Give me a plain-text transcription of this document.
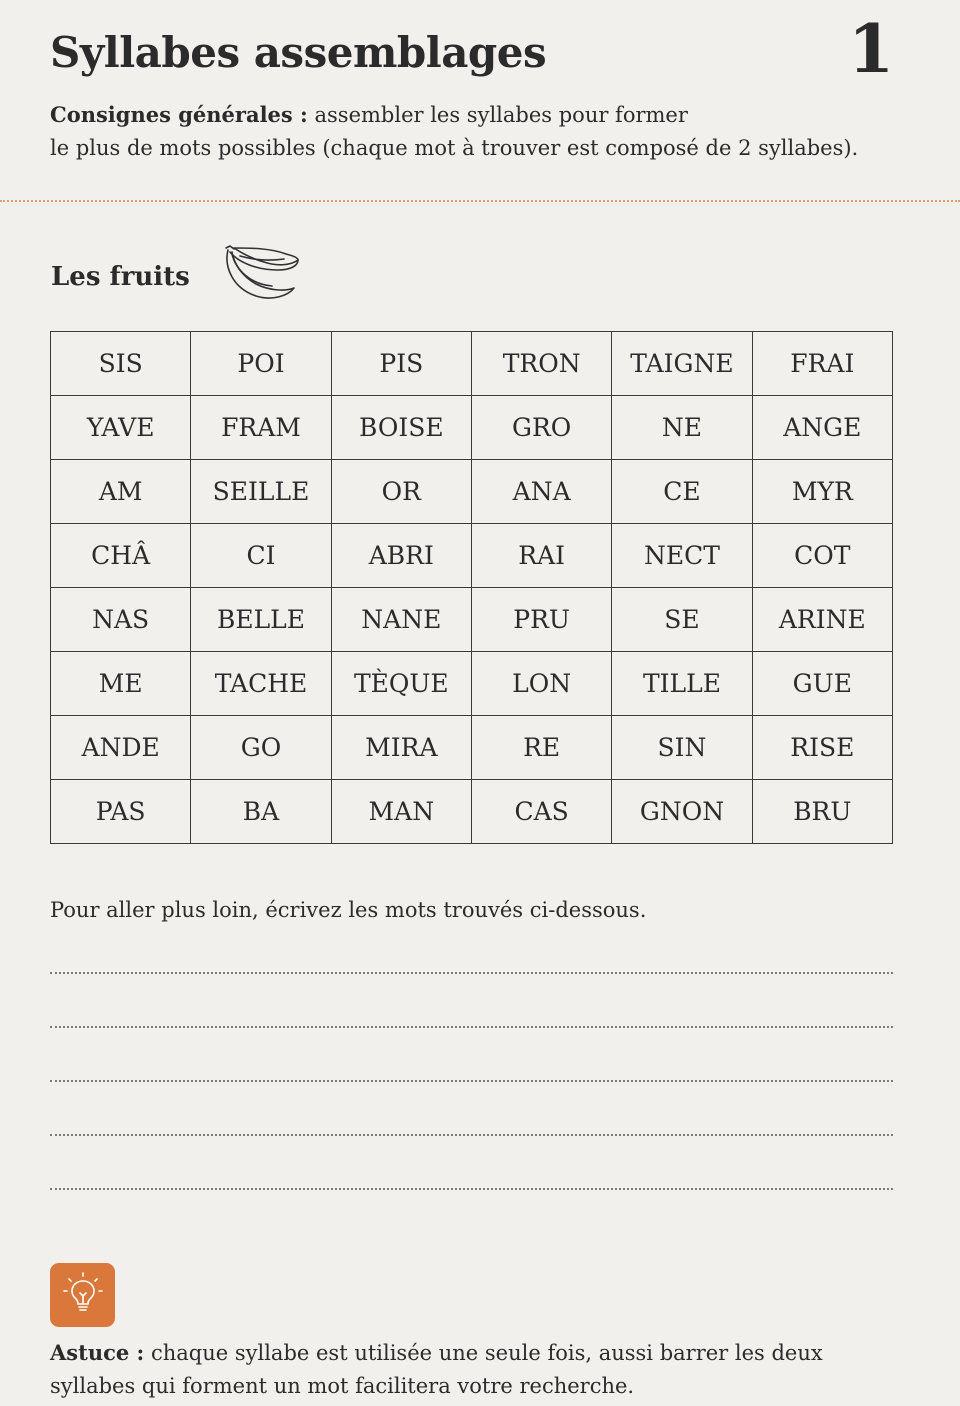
Syllabes assemblages	1

Consignes générales : assembler les syllabes pour former
le plus de mots possibles (chaque mot à trouver est composé de 2 syllabes).

Les fruits
SIS	POI	PIS	TRON	TAIGNE	FRAI
YAVE	FRAM	BOISE	GRO	NE	ANGE
AM	SEILLE	OR	ANA	CE	MYR
CHÂ	CI	ABRI	RAI	NECT	COT
NAS	BELLE	NANE	PRU	SE	ARINE
ME	TACHE	TÈQUE	LON	TILLE	GUE
ANDE	GO	MIRA	RE	SIN	RISE
PAS	BA	MAN	CAS	GNON	BRU

Pour aller plus loin, écrivez les mots trouvés ci-dessous.

Astuce : chaque syllabe est utilisée une seule fois, aussi barrer les deux syllabes qui forment un mot facilitera votre recherche.
